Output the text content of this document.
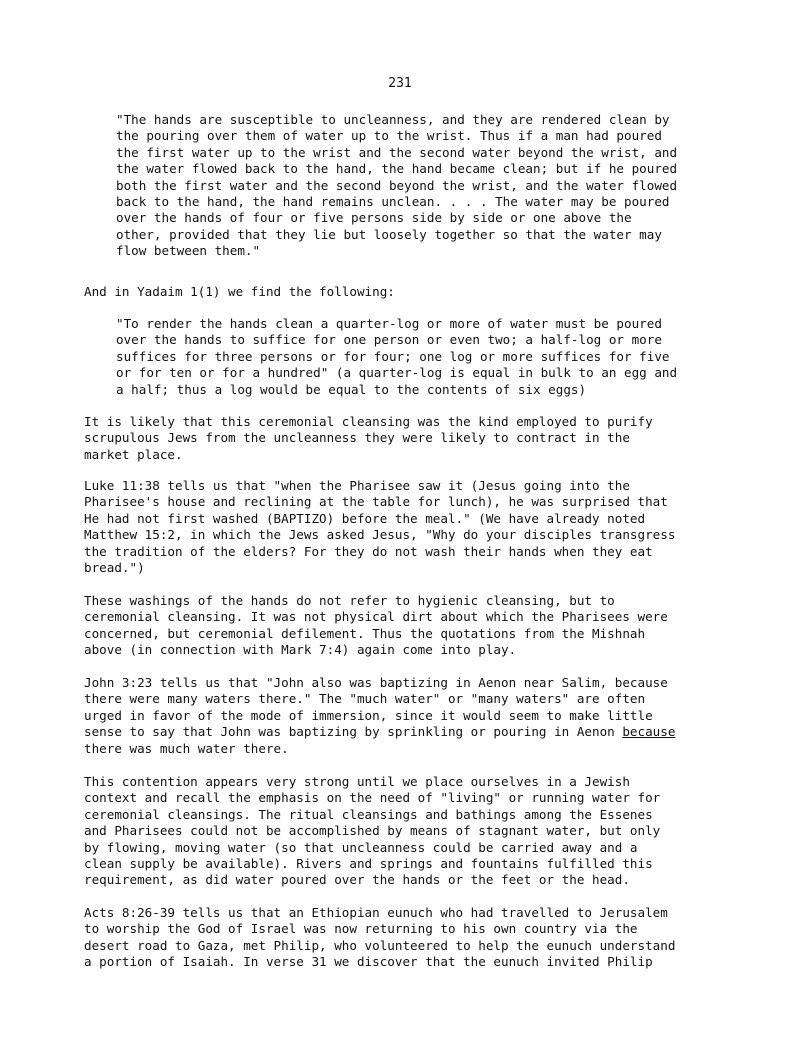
231

"The hands are susceptible to uncleanness, and they are rendered clean by
the pouring over them of water up to the wrist. Thus if a man had poured
the first water up to the wrist and the second water beyond the wrist, and
the water flowed back to the hand, the hand became clean; but if he poured
both the first water and the second beyond the wrist, and the water flowed
back to the hand, the hand remains unclean. . . . The water may be poured
over the hands of four or five persons side by side or one above the
other, provided that they lie but loosely together so that the water may
flow between them."

And in Yadaim 1(1) we find the following:

"To render the hands clean a quarter-log or more of water must be poured
over the hands to suffice for one person or even two; a half-log or more
suffices for three persons or for four; one log or more suffices for five
or for ten or for a hundred" (a quarter-log is equal in bulk to an egg and
a half; thus a log would be equal to the contents of six eggs)

It is likely that this ceremonial cleansing was the kind employed to purify
scrupulous Jews from the uncleanness they were likely to contract in the
market place.

Luke 11:38 tells us that "when the Pharisee saw it (Jesus going into the
Pharisee's house and reclining at the table for lunch), he was surprised that
He had not first washed (BAPTIZO) before the meal." (We have already noted
Matthew 15:2, in which the Jews asked Jesus, "Why do your disciples transgress
the tradition of the elders? For they do not wash their hands when they eat
bread.")

These washings of the hands do not refer to hygienic cleansing, but to
ceremonial cleansing. It was not physical dirt about which the Pharisees were
concerned, but ceremonial defilement. Thus the quotations from the Mishnah
above (in connection with Mark 7:4) again come into play.

John 3:23 tells us that "John also was baptizing in Aenon near Salim, because
there were many waters there." The "much water" or "many waters" are often
urged in favor of the mode of immersion, since it would seem to make little
sense to say that John was baptizing by sprinkling or pouring in Aenon because
there was much water there.

This contention appears very strong until we place ourselves in a Jewish
context and recall the emphasis on the need of "living" or running water for
ceremonial cleansings. The ritual cleansings and bathings among the Essenes
and Pharisees could not be accomplished by means of stagnant water, but only
by flowing, moving water (so that uncleanness could be carried away and a
clean supply be available). Rivers and springs and fountains fulfilled this
requirement, as did water poured over the hands or the feet or the head.

Acts 8:26-39 tells us that an Ethiopian eunuch who had travelled to Jerusalem
to worship the God of Israel was now returning to his own country via the
desert road to Gaza, met Philip, who volunteered to help the eunuch understand
a portion of Isaiah. In verse 31 we discover that the eunuch invited Philip
